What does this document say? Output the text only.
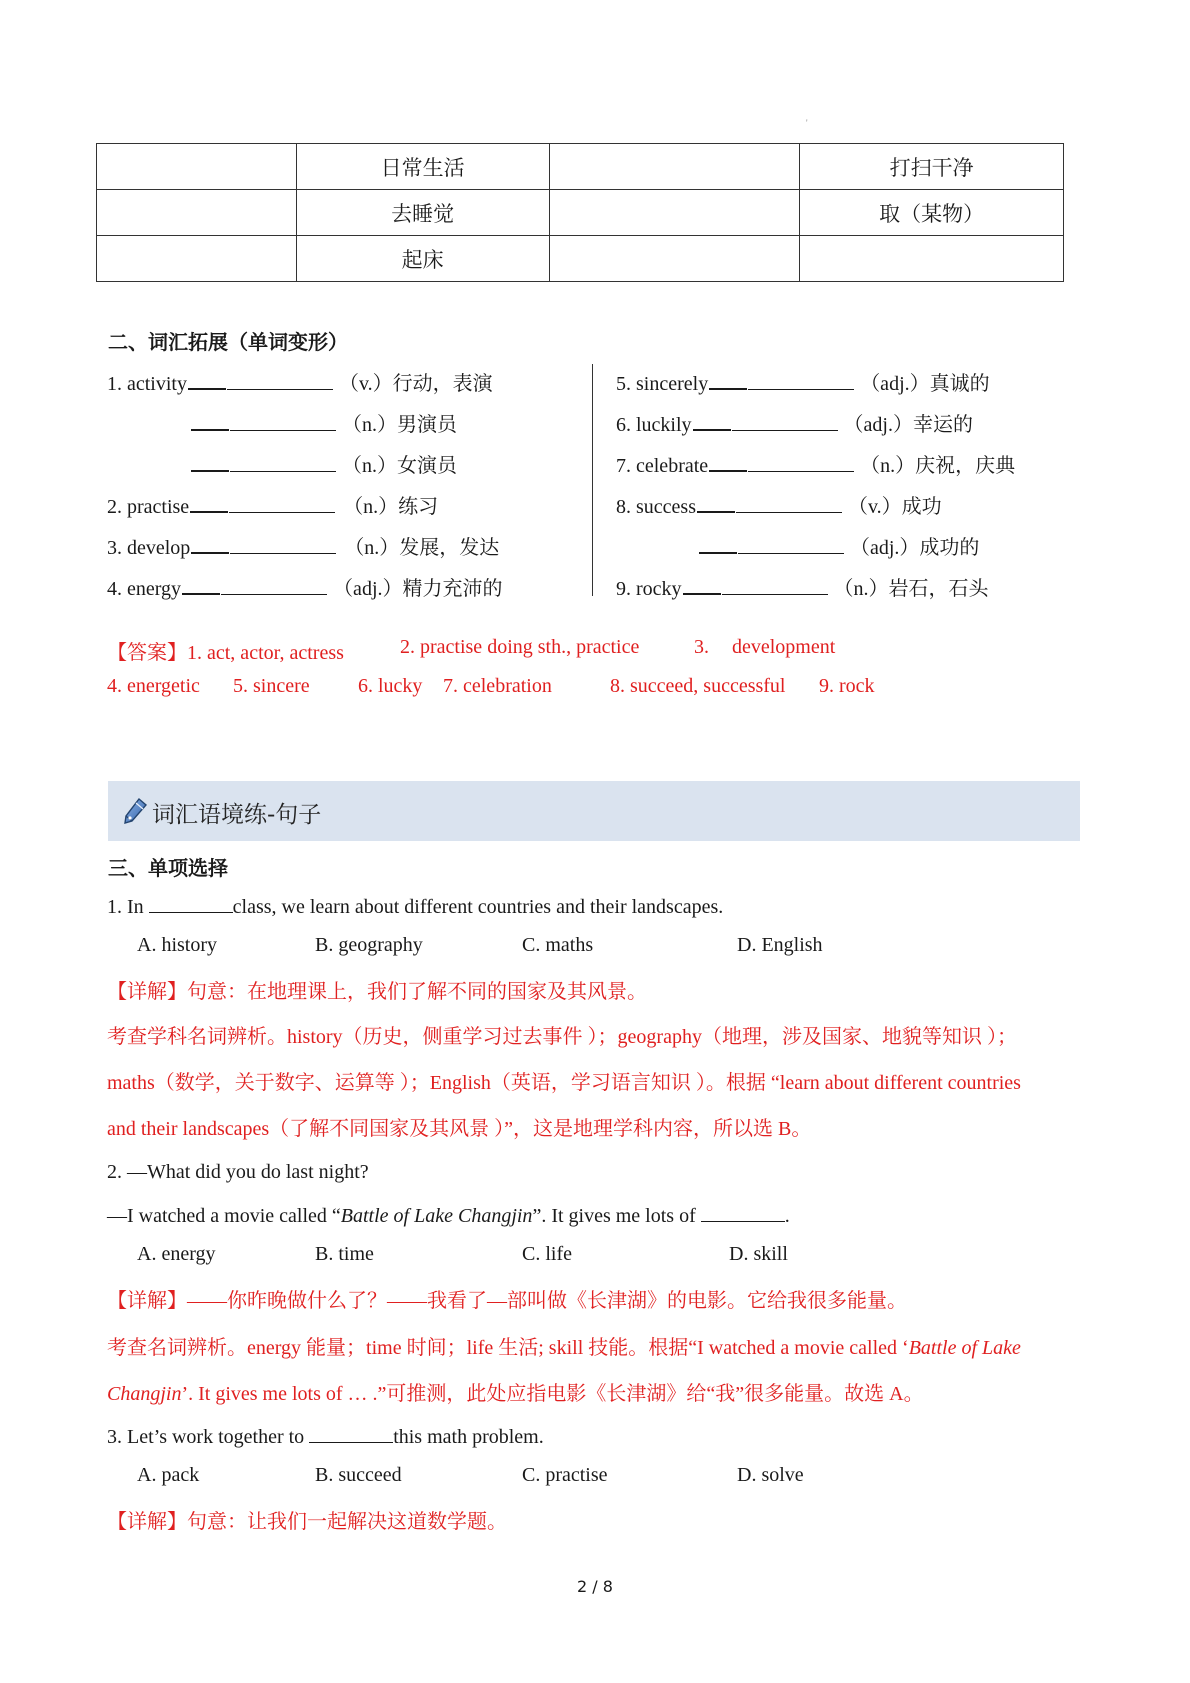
'
	日常生活		打扫干净
	去睡觉		取（某物）
	起床		
二、词汇拓展（单词变形）
1. activity	（v.）行动，表演
（n.）男演员
（n.）女演员
2. practise	（n.）练习
3. develop	（n.）发展，发达
4. energy	（adj.）精力充沛的
5. sincerely	（adj.）真诚的
6. luckily	（adj.）幸运的
7. celebrate	（n.）庆祝，庆典
8. success	（v.）成功
（adj.）成功的
9. rocky	（n.）岩石，石头
【答案】1. act, actor, actress	2. practise doing sth., practice	3. development
4. energetic 5. sincere 6. lucky 7. celebration	8. succeed, successful 9. rock
词汇语境练-句子
三、单项选择
1. In	class, we learn about different countries and their landscapes.
A. history	B. geography	C. maths	D. English
【详解】句意：在地理课上，我们了解不同的国家及其风景。
考查学科名词辨析。history（历史，侧重学习过去事件 ）；geography（地理，涉及国家、地貌等知识 ）；
maths（数学，关于数字、运算等 ）；English（英语，学习语言知识 ）。根据 “learn about different countries
and their landscapes（了解不同国家及其风景 ）”，这是地理学科内容，所以选 B。
2. —What did you do last night?
—I watched a movie called “Battle of Lake Changjin”. It gives me lots of	.
A. energy	B. time	C. life	D. skill
【详解】——你昨晚做什么了？——我看了—部叫做《长津湖》的电影。它给我很多能量。
考查名词辨析。energy 能量；time 时间；life 生活; skill 技能。根据“I watched a movie called ‘Battle of Lake
Changjin’. It gives me lots of … .”可推测，此处应指电影《长津湖》给“我”很多能量。故选 A。
3. Let’s work together to	this math problem.
A. pack	B. succeed	C. practise	D. solve
【详解】句意：让我们一起解决这道数学题。
2 / 8
